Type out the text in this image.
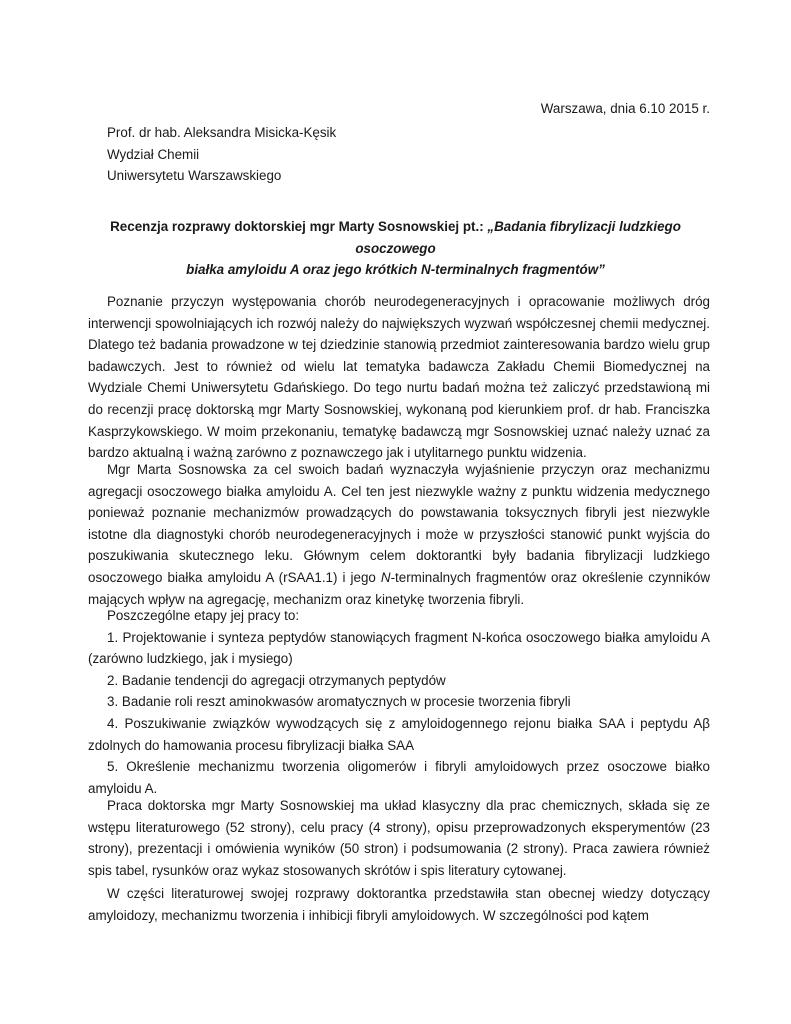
Warszawa, dnia 6.10 2015 r.
Prof. dr hab. Aleksandra Misicka-Kęsik
Wydział Chemii
Uniwersytetu Warszawskiego
Recenzja rozprawy doktorskiej mgr Marty Sosnowskiej pt.: „Badania fibrylizacji ludzkiego osoczowego
białka amyloidu A oraz jego krótkich N-terminalnych fragmentów”

Poznanie przyczyn występowania chorób neurodegeneracyjnych i opracowanie możliwych dróg interwencji spowolniających ich rozwój należy do największych wyzwań współczesnej chemii medycznej. Dlatego też badania prowadzone w tej dziedzinie stanowią przedmiot zainteresowania bardzo wielu grup badawczych. Jest to również od wielu lat tematyka badawcza Zakładu Chemii Biomedycznej na Wydziale Chemi Uniwersytetu Gdańskiego. Do tego nurtu badań można też zaliczyć przedstawioną mi do recenzji pracę doktorską mgr Marty Sosnowskiej, wykonaną pod kierunkiem prof. dr hab. Franciszka Kasprzykowskiego. W moim przekonaniu, tematykę badawczą mgr Sosnowskiej uznać należy uznać za bardzo aktualną i ważną zarówno z poznawczego jak i utylitarnego punktu widzenia.

Mgr Marta Sosnowska za cel swoich badań wyznaczyła wyjaśnienie przyczyn oraz mechanizmu agregacji osoczowego białka amyloidu A. Cel ten jest niezwykle ważny z punktu widzenia medycznego ponieważ poznanie mechanizmów prowadzących do powstawania toksycznych fibryli jest niezwykle istotne dla diagnostyki chorób neurodegeneracyjnych i może w przyszłości stanowić punkt wyjścia do poszukiwania skutecznego leku. Głównym celem doktorantki były badania fibrylizacji ludzkiego osoczowego białka amyloidu A (rSAA1.1) i jego N-terminalnych fragmentów oraz określenie czynników mających wpływ na agregację, mechanizm oraz kinetykę tworzenia fibryli.

Poszczególne etapy jej pracy to:

1. Projektowanie i synteza peptydów stanowiących fragment N-końca osoczowego białka amyloidu A (zarówno ludzkiego, jak i mysiego)

2. Badanie tendencji do agregacji otrzymanych peptydów

3. Badanie roli reszt aminokwasów aromatycznych w procesie tworzenia fibryli

4. Poszukiwanie związków wywodzących się z amyloidogennego rejonu białka SAA i peptydu Aβ zdolnych do hamowania procesu fibrylizacji białka SAA

5. Określenie mechanizmu tworzenia oligomerów i fibryli amyloidowych przez osoczowe białko amyloidu A.

Praca doktorska mgr Marty Sosnowskiej ma układ klasyczny dla prac chemicznych, składa się ze wstępu literaturowego (52 strony), celu pracy (4 strony), opisu przeprowadzonych eksperymentów (23 strony), prezentacji i omówienia wyników (50 stron) i podsumowania (2 strony). Praca zawiera również spis tabel, rysunków oraz wykaz stosowanych skrótów i spis literatury cytowanej.

W części literaturowej swojej rozprawy doktorantka przedstawiła stan obecnej wiedzy dotyczący amyloidozy, mechanizmu tworzenia i inhibicji fibryli amyloidowych. W szczególności pod kątem
